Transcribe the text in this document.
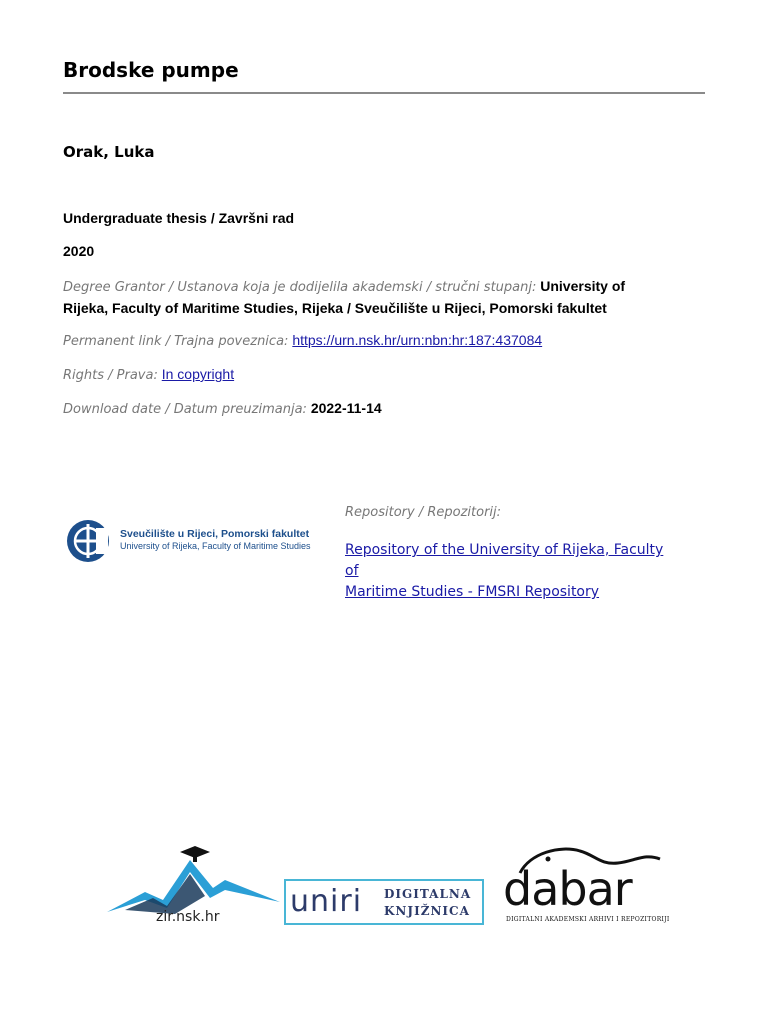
Brodske pumpe
Orak, Luka
Undergraduate thesis / Završni rad
2020
Degree Grantor / Ustanova koja je dodijelila akademski / stručni stupanj: University of
Rijeka, Faculty of Maritime Studies, Rijeka / Sveučilište u Rijeci, Pomorski fakultet
Permanent link / Trajna poveznica: https://urn.nsk.hr/urn:nbn:hr:187:437084
Rights / Prava: In copyright
Download date / Datum preuzimanja: 2022-11-14
Sveučilište u Rijeci, Pomorski fakultet
University of Rijeka, Faculty of Maritime Studies
Repository / Repozitorij:
Repository of the University of Rijeka, Faculty of
Maritime Studies - FMSRI Repository
zir.nsk.hr uniri DIGITALNA
KNJIŽNICA dabar
DIGITALNI AKADEMSKI ARHIVI I REPOZITORIJI
